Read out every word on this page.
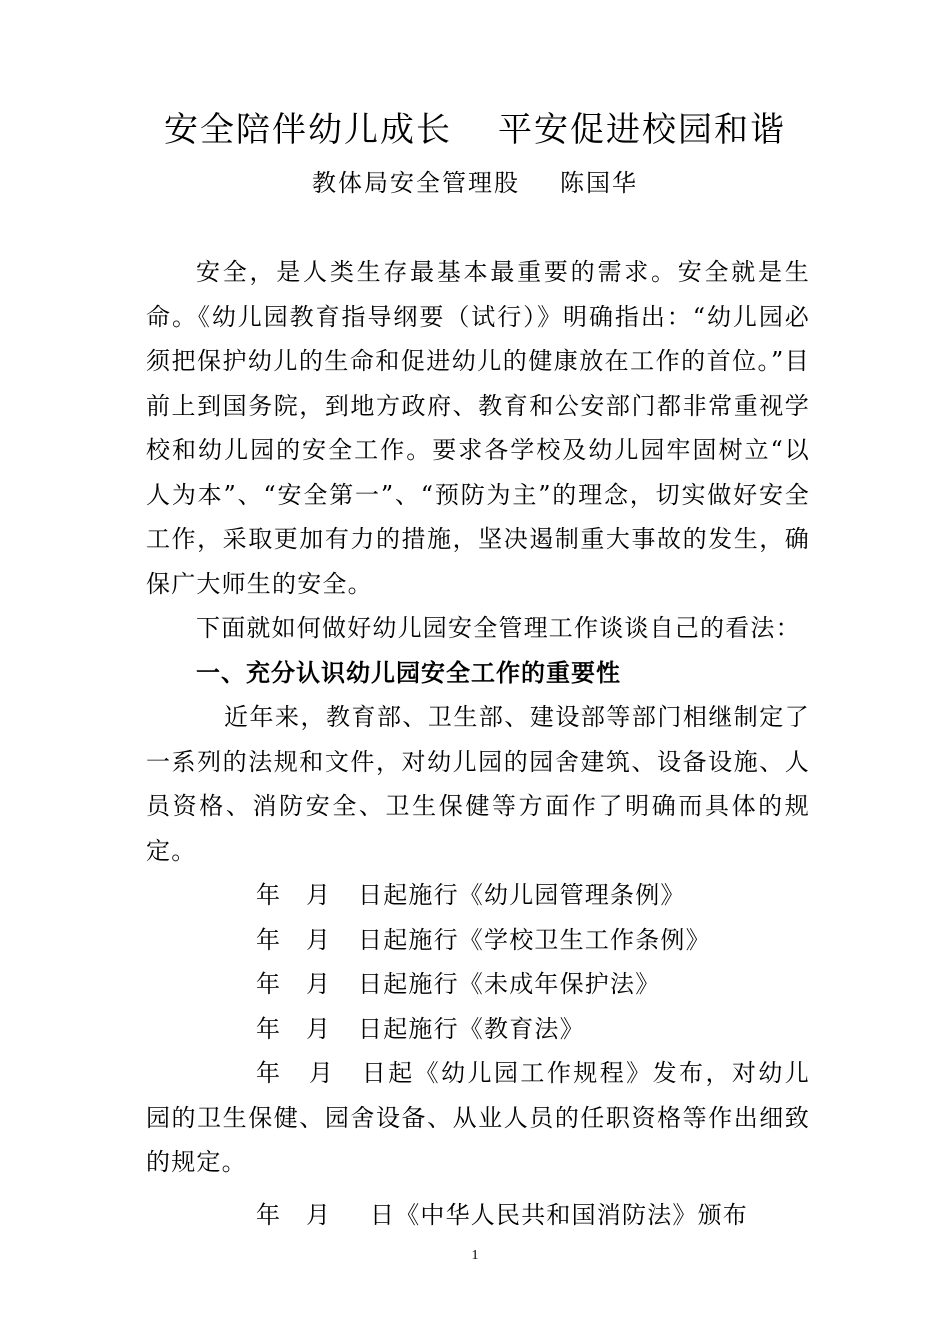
安全陪伴幼儿成长 平安促进校园和谐
教体局安全管理股 陈国华

安全，是人类生存最基本最重要的需求。安全就是生命。《幼儿园教育指导纲要（试行）》明确指出：“幼儿园必须把保护幼儿的生命和促进幼儿的健康放在工作的首位。”目前上到国务院，到地方政府、教育和公安部门都非常重视学校和幼儿园的安全工作。要求各学校及幼儿园牢固树立“以人为本”、“安全第一”、“预防为主”的理念，切实做好安全工作，采取更加有力的措施，坚决遏制重大事故的发生，确保广大师生的安全。

下面就如何做好幼儿园安全管理工作谈谈自己的看法：

一、充分认识幼儿园安全工作的重要性

近年来，教育部、卫生部、建设部等部门相继制定了一系列的法规和文件，对幼儿园的园舍建筑、设备设施、人员资格、消防安全、卫生保健等方面作了明确而具体的规定。

年 月 日起施行《幼儿园管理条例》

年 月 日起施行《学校卫生工作条例》

年 月 日起施行《未成年保护法》

年 月 日起施行《教育法》

年　月　日起《幼儿园工作规程》发布，对幼儿园的卫生保健、园舍设备、从业人员的任职资格等作出细致的规定。

年 月 日《中华人民共和国消防法》颁布

1
